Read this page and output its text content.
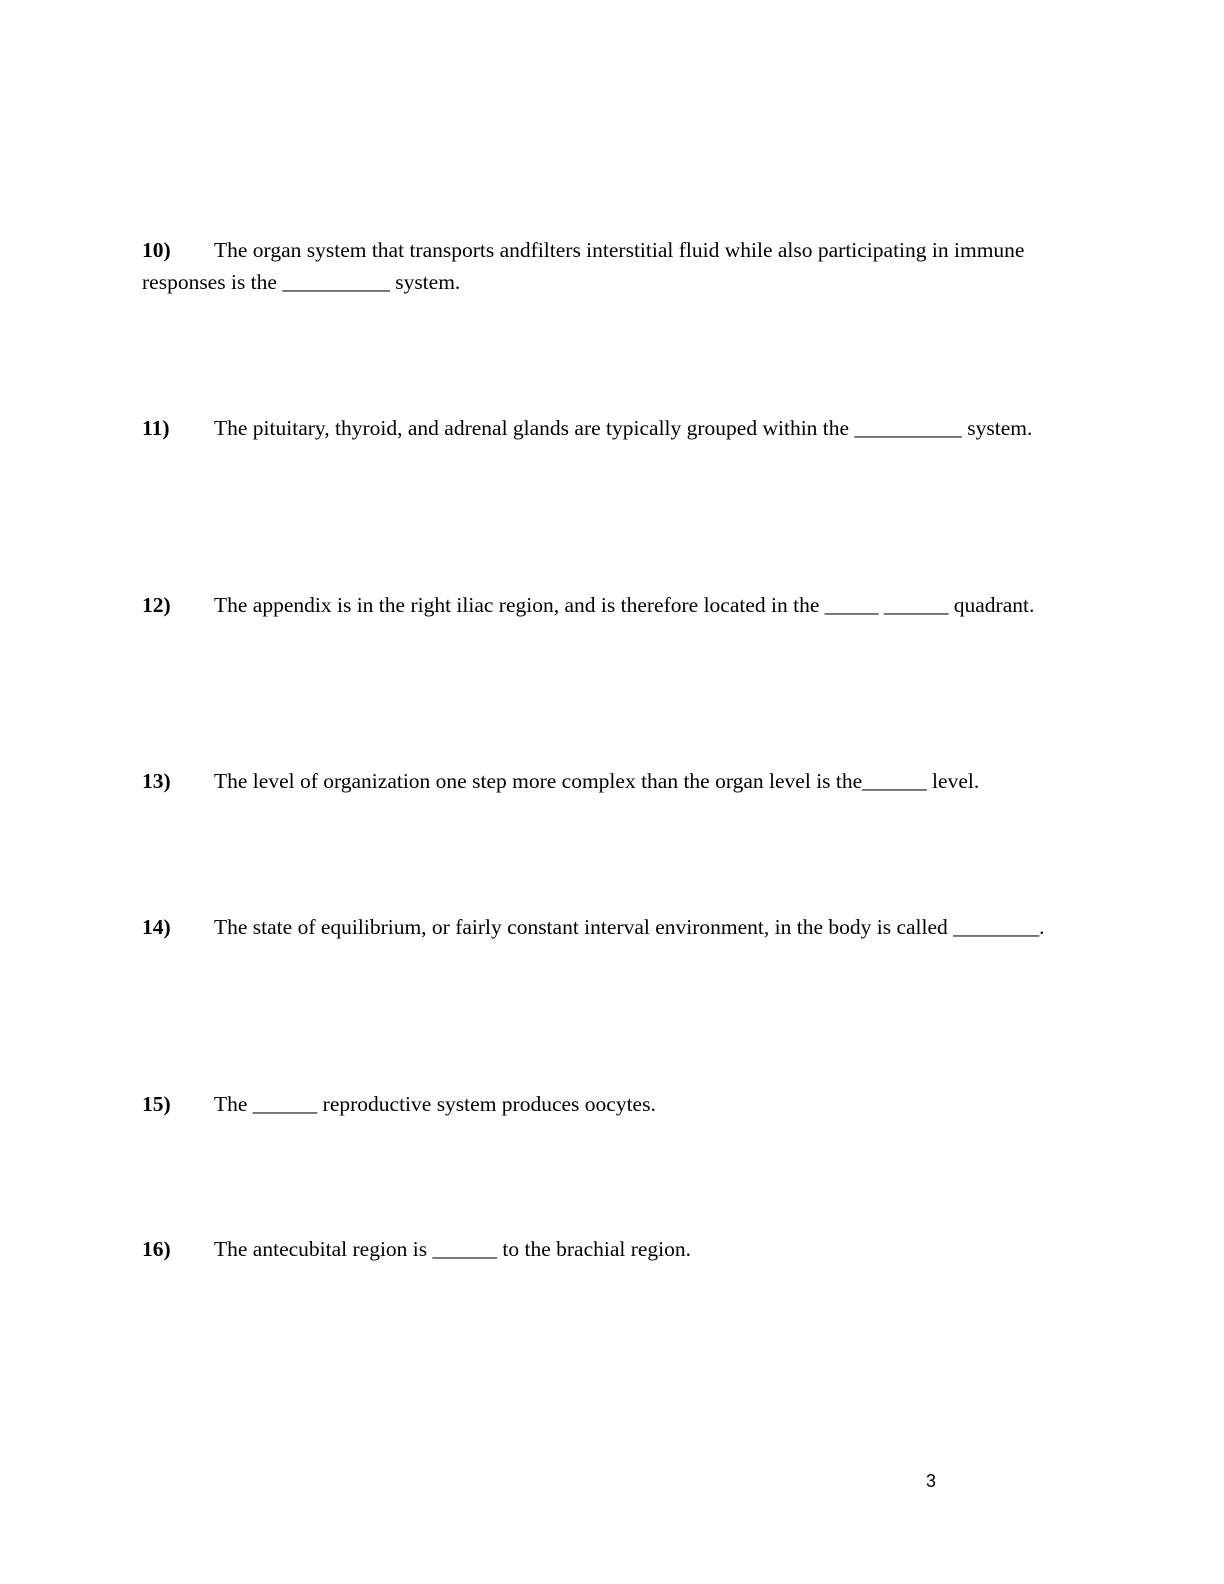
10) The organ system that transports andfilters interstitial fluid while also participating in immune responses is the __________ system.
11) The pituitary, thyroid, and adrenal glands are typically grouped within the __________ system.
12) The appendix is in the right iliac region, and is therefore located in the _____ ______ quadrant.
13) The level of organization one step more complex than the organ level is the______ level.
14) The state of equilibrium, or fairly constant interval environment, in the body is called ________.
15) The ______ reproductive system produces oocytes.
16) The antecubital region is ______ to the brachial region.
3
